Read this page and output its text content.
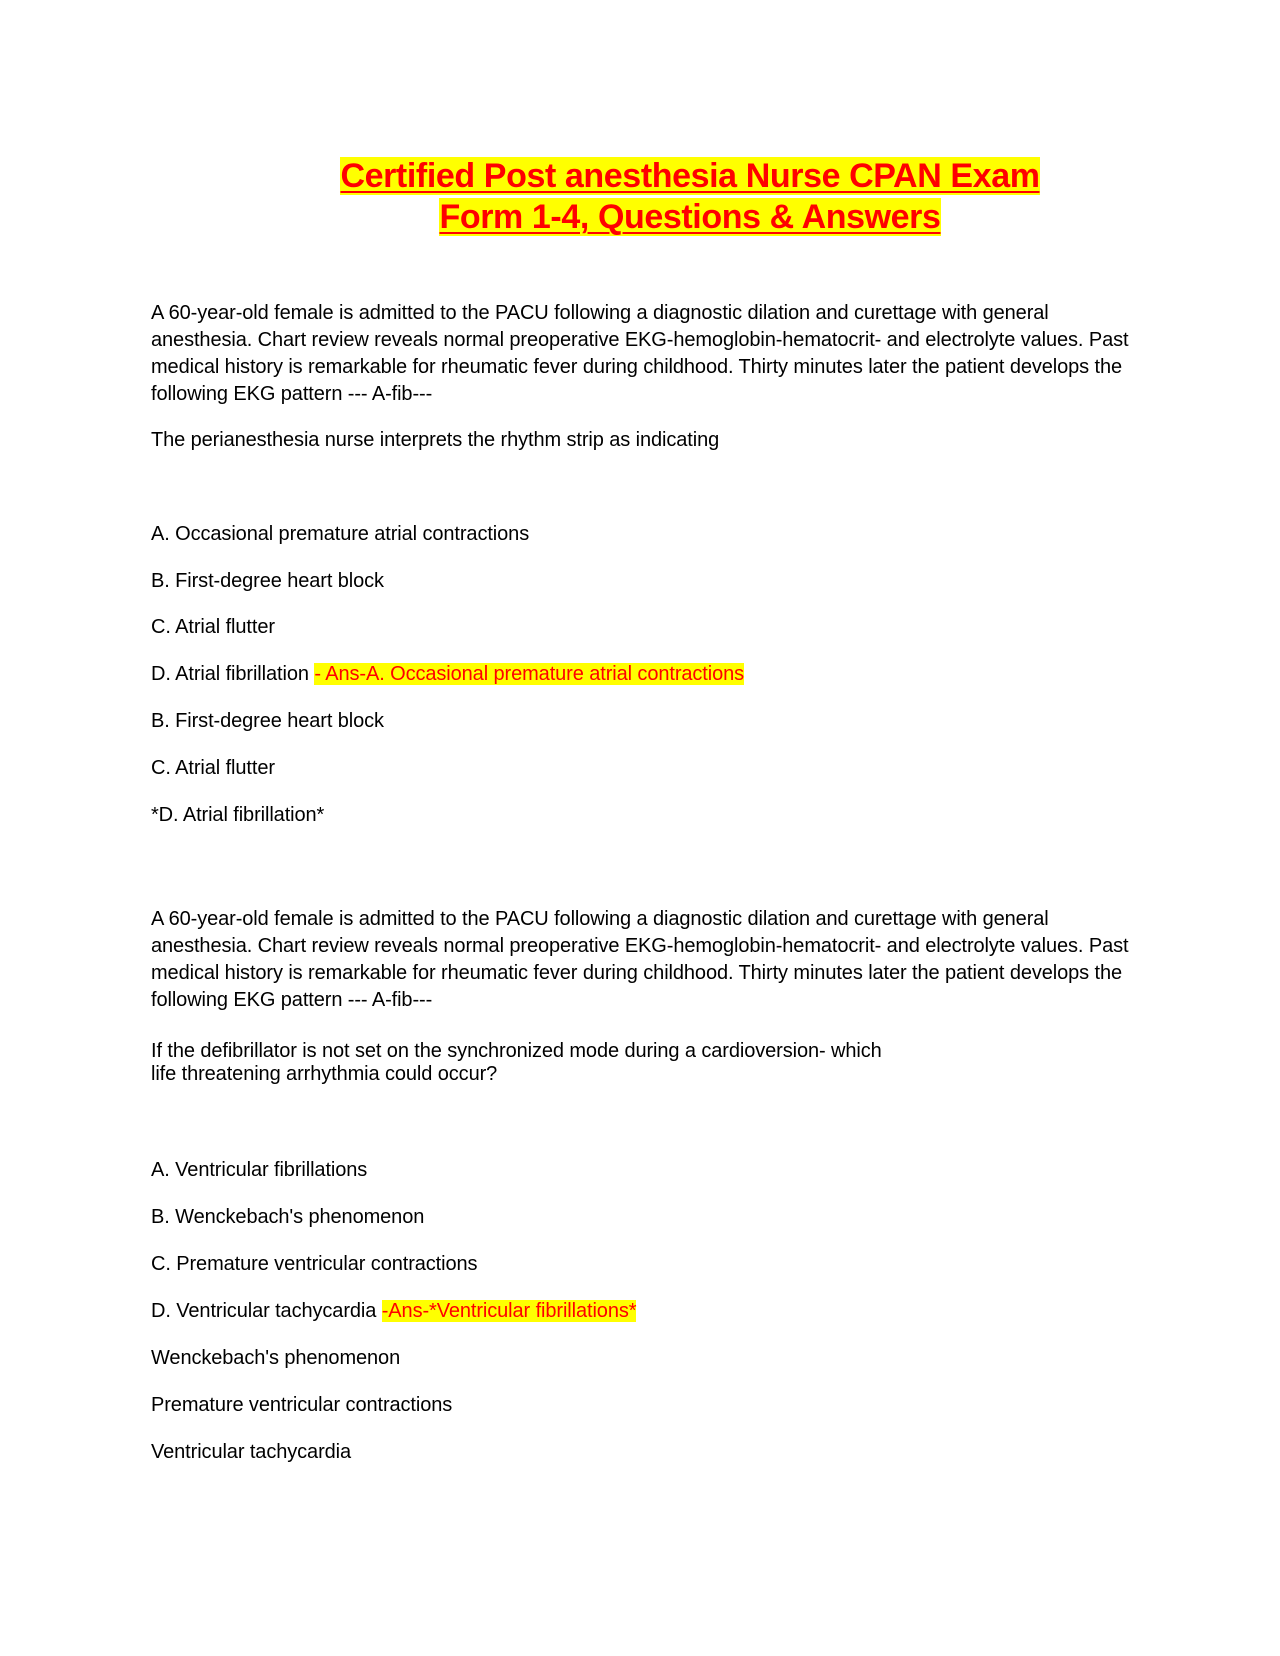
Certified Post anesthesia Nurse CPAN Exam
Form 1-4, Questions & Answers

A 60-year-old female is admitted to the PACU following a diagnostic dilation and curettage with general anesthesia. Chart review reveals normal preoperative EKG-hemoglobin-hematocrit- and electrolyte values. Past medical history is remarkable for rheumatic fever during childhood. Thirty minutes later the patient develops the following EKG pattern --- A-fib---

The perianesthesia nurse interprets the rhythm strip as indicating

A. Occasional premature atrial contractions

B. First-degree heart block

C. Atrial flutter

D. Atrial fibrillation - Ans-A. Occasional premature atrial contractions

B. First-degree heart block

C. Atrial flutter

*D. Atrial fibrillation*

A 60-year-old female is admitted to the PACU following a diagnostic dilation and curettage with general anesthesia. Chart review reveals normal preoperative EKG-hemoglobin-hematocrit- and electrolyte values. Past medical history is remarkable for rheumatic fever during childhood. Thirty minutes later the patient develops the following EKG pattern --- A-fib---

If the defibrillator is not set on the synchronized mode during a cardioversion- which

life threatening arrhythmia could occur?

A. Ventricular fibrillations

B. Wenckebach's phenomenon

C. Premature ventricular contractions

D. Ventricular tachycardia -Ans-*Ventricular fibrillations*

Wenckebach's phenomenon

Premature ventricular contractions

Ventricular tachycardia
